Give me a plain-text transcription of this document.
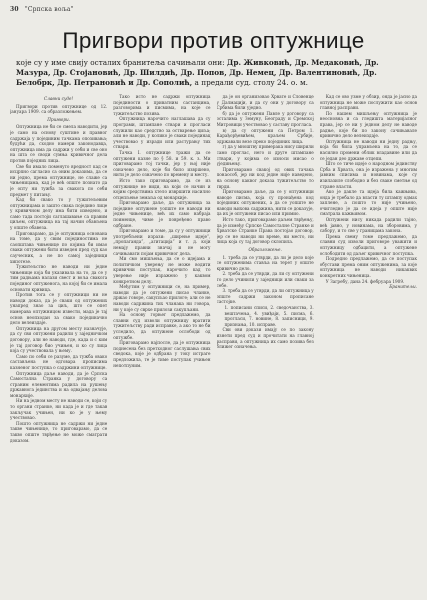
30 "Српска воља"
Пригвори против оптужнице
које су у име свију осталих бранитеља сачињали они: Др. Живковић, Др. Медаковић, Др. Мазура, Др. Стојановић, Др. Шилдић, Др. Попов, Др. Немец, Др. Валентиновић, Др. Белобрк, Др. Петрановић и Др. Сополић, а предали суд. столу 24. о. м.
Славни суде!

Пригвори против оптужнице од 12. јануара 1909. са образложењем.

Пригвори.

Оптужница не би се смела наводити, јер је само на основу суштине и правног садржаја у појединим тачкама опозивања; будући да, сходно намери законодавца, оптужница има да садржи у себи и све оно на шта се своди сумња кривичног дела против поједних лица.

Све би имало поменуто вредност кад се исцрпно сагласио са оним доказима, да се ни једно, према оптужнице, не слаже са чињеницама, кад је већ опште познато да је опту ни тужба за свакога по себи предмет у питању.

Кад би свако то у тужитељевим оптужницама и зашто свака поједино лице у кривичном делу има бити изведено, и само тада постоји саглашавање са правим циљем, оптужница на тај начин обављена у опште обавеза.

Приговарамо, да је оптужница основана на томе, да у свим појединостима не саопштава чињенице по којима би имао сваки оптужени бити изведен пред суд као саучесник, а не по самој заједници хипотезе.

Тужитељство не наводи ни једне чињенице која би указивала на то, да се у тим радњама налази свест и воља свакога појединог оптуженога, на којој би се имала основати кривица.

Против тога се у оптужници ни не наводи доказ, да је сваки од оптужених унапред знао за циљ, што се опет намерава оптужницом извести, мада је тај основ неопходан за свако појединачно дело велеиздаје.

Оптужница на другом месту назначује, да су сви оптужени радили у заједничком договору, али не наводи, где, када и с ким је тај договор био учињен, и ко су лица која су учествовала у њему.

Само по себи се разуме, да тужба овако састављена не одговара прописима казненог поступка о садржини оптужнице.

Оптужница даље наводи, да је Српска Самостална Странка у договору са страним елементима радила на рушењу државнога јединства и на одвајању делова монархије.

Ни на једном месту не наводи се, који су то органи странке, ни када је и где такав закључак учињен, ни ко је у њему учествовао.

Пошто оптужница не садржи ни једне такве чињенице, то приговарамо, да се такво опште тврђење не може сматрати доказом.

Тако исто не садржи оптужница појединости о приватним састанцима, разговорима и писмима, на које се тужитељство позива.

Оптужница нарочито наглашава да су програми, штампане ствари и прогласи служили као средство за остварење циља; али не наводи, у колико је сваки појединац учествовао у изради или растурању тих ствари.

Тачка I. оптужнице тражи да се оптужени казне по § 58. и 59. к. з. Ми приговарамо тој тачки, јер у њој није означено дело, које би било извршено, нити је дело означено по времену и месту.

Исто тако приговарамо, да се из оптужнице не види, на који се начин и којим средствима хтело извршити насилно отцепљење земаља од монархије.

Приговарамо даље, да оптужница за поједине оптужене уопште не наводи ни једне чињенице, већ их само набраја поименце, чиме је повређено право одбране.

Приговарамо и томе, да су у оптужници употребљени изрази: „ширење идеје“, „пропаганда“, „агитација“ и т. д. који немају правни значај и не могу сачињавати појам кривичног дела.

Ми смо мишљења, да се о идејама и политичком уверењу не може водити кривични поступак, нарочито кад то уверење није изражено у каквом конкретном делу.

Међутим у оптужници се, на пример, наводи да је оптужени писао чланке, држао говоре, сакупљао прилоге; али се не наводи садржина тих чланака ни говора, ни у које су сврхе прилози сакупљани.

На основу горњег предлажемо, да славни суд изволи оптужницу вратити тужитељству ради исправке, а ако то не би уследило, да оптужене ослободи од оптужбе.

Приговарамо најпосле, да је оптужница поднесена без претходног саслушања свих сведока, које је одбрана у току истраге предложила, те је тиме поступак учињен непотпуним.

да је он организовао Хрвате и Словенце у Далмацији, и да су они у договору са Србима били уједно.

б) да је оптужени Павле у договору са осталима у Земуну, Београду и Сремској Митровици учествовао у саставу прогласа.

в) да су оптужени са Петром 1. Карађорђевићем, краљем Србије, одржавали везе преко појединих лица.

г) да у мноштву примерака нису ширили само проглас, него и друге штампане ствари, у којима се износи мисао о уједињењу.

Приговарамо свакој од ових тачака понаособ, јер ни код једне није наведено, на основу каквог доказа тужитељство то тврди.

Приговарамо даље, да се у оптужници наводе писма, која су пронађена код појединих оптужених, а да се уопште не наводи њихова садржина, нити се доказује, да их је оптужени писао или примио.

Исто тако, приговарамо даљем тврђењу, да је између Српске Самосталне Странке и Хрватске Странке Права постојао договор, јер се не наводи ни време, ни место, ни лица која су тај договор склопила.

Образложење.

1. треба да се утврди, да ли је дело које се оптуженима ставља на терет у опште кривично дело.

2. треба да се утврди, да ли су оптужени то дело учинили у заједници или сваки за себе.

3. треба да се утврди, да ли оптужница у опште садржи законом прописане састојке.

1. пописани списи, 2. сведочанства, 3. вештачења, 4. увиђаји, 5. писма, 6. прогласи, 7. новине, 8. записници, 9. признања, 10. исправе.

Сви ови докази имају се по закону изнети пред суд и прочитати на главној расправи, а оптужница их само позива без ближег означења.

Кад се ово узме у обзир, онда је јасно да оптужница не може послужити као основ главној расправи.

По нашем мишљењу оптужница је неосновна и са гледишта материјалног права, јер се ни у једном делу не наводе радње, које би по закону сачињавале кривично дело велеиздаје.

Оптужница не наводи ни једну радњу, која би била управљена на то, да се насилно промени облик владавине или да се један део државе отцепи.

Што се тиче идеје о народном јединству Срба и Хрвата, она је изражена у многим јавним списима и новинама, које су изилазиле слободно и без сваке сметње од стране власти.

Ако је дакле та идеја била кажњива, онда је требало да власти ту штампу одмах запленe, а пошто то није учињено, очигледно је да се идеја у опште није сматрала кажњивом.

Оптужени нису никада радили тајно, већ јавно, у новинама, на зборовима, у сабору, и то све у границама закона.

Према свему томе предлажемо, да славни суд изволи приговоре уважити и оптужницу одбацити, а оптужене ослободити од даљег кривичног поступка.

Подредно предлажемо, да се поступак обустави према оним оптуженима, за које оптужница не наводи никаквих конкретних чињеница.

У Загребу, дана 24. фебруара 1909.

Бранитељи.
